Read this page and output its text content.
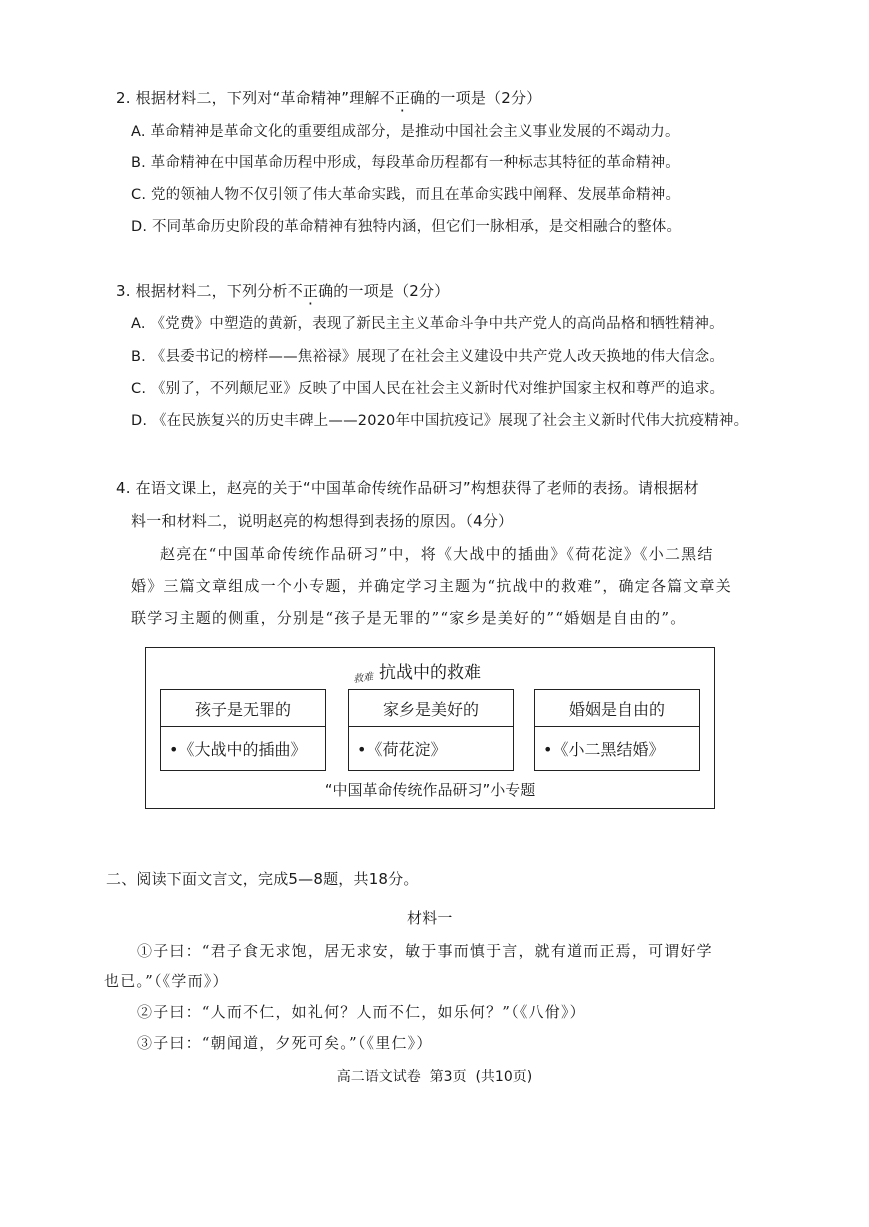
2. 根据材料二，下列对“革命精神”理解不正确的一项是（2分）
A. 革命精神是革命文化的重要组成部分，是推动中国社会主义事业发展的不竭动力。
B. 革命精神在中国革命历程中形成，每段革命历程都有一种标志其特征的革命精神。
C. 党的领袖人物不仅引领了伟大革命实践，而且在革命实践中阐释、发展革命精神。
D. 不同革命历史阶段的革命精神有独特内涵，但它们一脉相承，是交相融合的整体。
3. 根据材料二，下列分析不正确的一项是（2分）
A. 《党费》中塑造的黄新，表现了新民主主义革命斗争中共产党人的高尚品格和牺牲精神。
B. 《县委书记的榜样——焦裕禄》展现了在社会主义建设中共产党人改天换地的伟大信念。
C. 《别了，不列颠尼亚》反映了中国人民在社会主义新时代对维护国家主权和尊严的追求。
D. 《在民族复兴的历史丰碑上——2020年中国抗疫记》展现了社会主义新时代伟大抗疫精神。
4. 在语文课上，赵亮的关于“中国革命传统作品研习”构想获得了老师的表扬。请根据材
料一和材料二，说明赵亮的构想得到表扬的原因。（4分）
赵亮在“中国革命传统作品研习”中，将《大战中的插曲》《荷花淀》《小二黑结
婚》三篇文章组成一个小专题，并确定学习主题为“抗战中的救难”，确定各篇文章关
联学习主题的侧重，分别是“孩子是无罪的”“家乡是美好的”“婚姻是自由的”。
抗战中的救难
救难
孩子是无罪的
•《大战中的插曲》
家乡是美好的
•《荷花淀》
婚姻是自由的
•《小二黑结婚》
“中国革命传统作品研习”小专题
二、阅读下面文言文，完成5—8题，共18分。
材料一
①子曰：“君子食无求饱，居无求安，敏于事而慎于言，就有道而正焉，可谓好学
也已。”（《学而》）
②子曰：“人而不仁，如礼何？人而不仁，如乐何？”（《八佾》）
③子曰：“朝闻道，夕死可矣。”（《里仁》）
高二语文试卷  第3页  (共10页)
